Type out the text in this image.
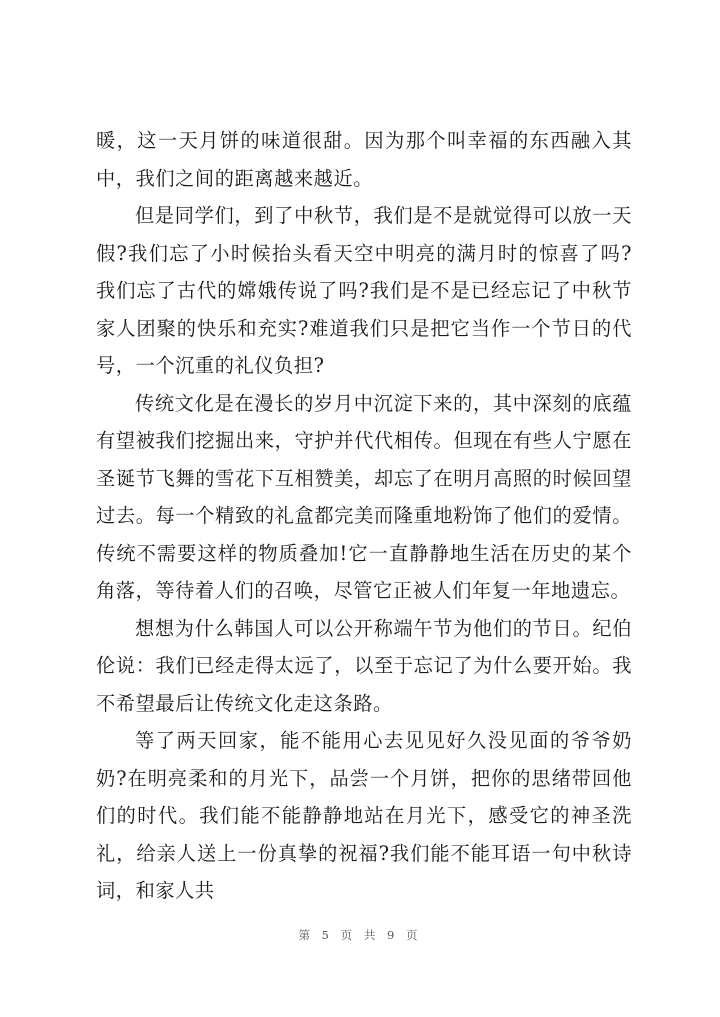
暖，这一天月饼的味道很甜。因为那个叫幸福的东西融入其中，我们之间的距离越来越近。

但是同学们，到了中秋节，我们是不是就觉得可以放一天假?我们忘了小时候抬头看天空中明亮的满月时的惊喜了吗?我们忘了古代的嫦娥传说了吗?我们是不是已经忘记了中秋节家人团聚的快乐和充实?难道我们只是把它当作一个节日的代号，一个沉重的礼仪负担?

传统文化是在漫长的岁月中沉淀下来的，其中深刻的底蕴有望被我们挖掘出来，守护并代代相传。但现在有些人宁愿在圣诞节飞舞的雪花下互相赞美，却忘了在明月高照的时候回望过去。每一个精致的礼盒都完美而隆重地粉饰了他们的爱情。传统不需要这样的物质叠加!它一直静静地生活在历史的某个角落，等待着人们的召唤，尽管它正被人们年复一年地遗忘。

想想为什么韩国人可以公开称端午节为他们的节日。纪伯伦说：我们已经走得太远了，以至于忘记了为什么要开始。我不希望最后让传统文化走这条路。

等了两天回家，能不能用心去见见好久没见面的爷爷奶奶?在明亮柔和的月光下，品尝一个月饼，把你的思绪带回他们的时代。我们能不能静静地站在月光下，感受它的神圣洗礼，给亲人送上一份真挚的祝福?我们能不能耳语一句中秋诗词，和家人共

第 5 页 共 9 页
